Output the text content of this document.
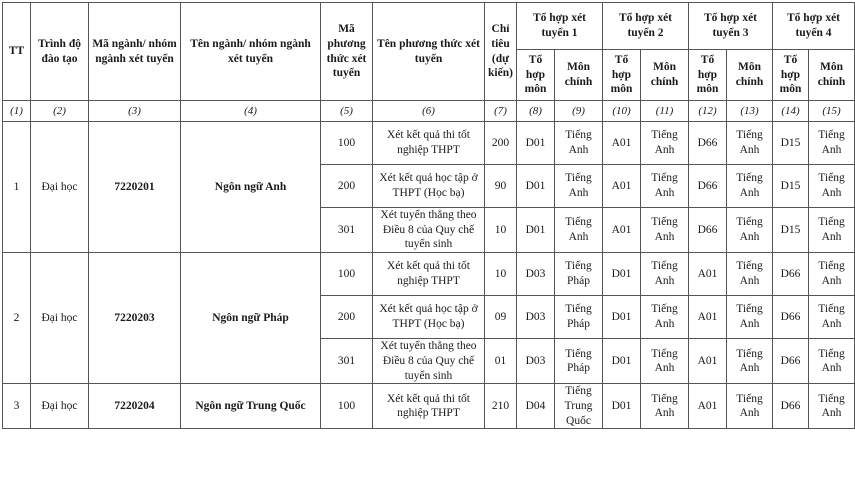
TT	Trình độ đào tạo	Mã ngành/ nhóm ngành xét tuyển	Tên ngành/ nhóm ngành xét tuyển	Mã phương thức xét tuyển	Tên phương thức xét tuyển	Chỉ tiêu (dự kiến)	Tổ hợp xét tuyển 1		Tổ hợp xét tuyển 2		Tổ hợp xét tuyển 3		Tổ hợp xét tuyển 4	
							Tổ hợp môn	Môn chính	Tổ hợp môn	Môn chính	Tổ hợp môn	Môn chính	Tổ hợp môn	Môn chính
(1)	(2)	(3)	(4)	(5)	(6)	(7)	(8)	(9)	(10)	(11)	(12)	(13)	(14)	(15)
1	Đại học	7220201	Ngôn ngữ Anh	100	Xét kết quả thi tốt nghiệp THPT	200	D01	Tiếng Anh	A01	Tiếng Anh	D66	Tiếng Anh	D15	Tiếng Anh
				200	Xét kết quả học tập ở THPT (Học bạ)	90	D01	Tiếng Anh	A01	Tiếng Anh	D66	Tiếng Anh	D15	Tiếng Anh
				301	Xét tuyển thẳng theo Điều 8 của Quy chế tuyển sinh	10	D01	Tiếng Anh	A01	Tiếng Anh	D66	Tiếng Anh	D15	Tiếng Anh
2	Đại học	7220203	Ngôn ngữ Pháp	100	Xét kết quả thi tốt nghiệp THPT	10	D03	Tiếng Pháp	D01	Tiếng Anh	A01	Tiếng Anh	D66	Tiếng Anh
				200	Xét kết quả học tập ở THPT (Học bạ)	09	D03	Tiếng Pháp	D01	Tiếng Anh	A01	Tiếng Anh	D66	Tiếng Anh
				301	Xét tuyển thẳng theo Điều 8 của Quy chế tuyển sinh	01	D03	Tiếng Pháp	D01	Tiếng Anh	A01	Tiếng Anh	D66	Tiếng Anh
3	Đại học	7220204	Ngôn ngữ Trung Quốc	100	Xét kết quả thi tốt nghiệp THPT	210	D04	Tiếng Trung Quốc	D01	Tiếng Anh	A01	Tiếng Anh	D66	Tiếng Anh
